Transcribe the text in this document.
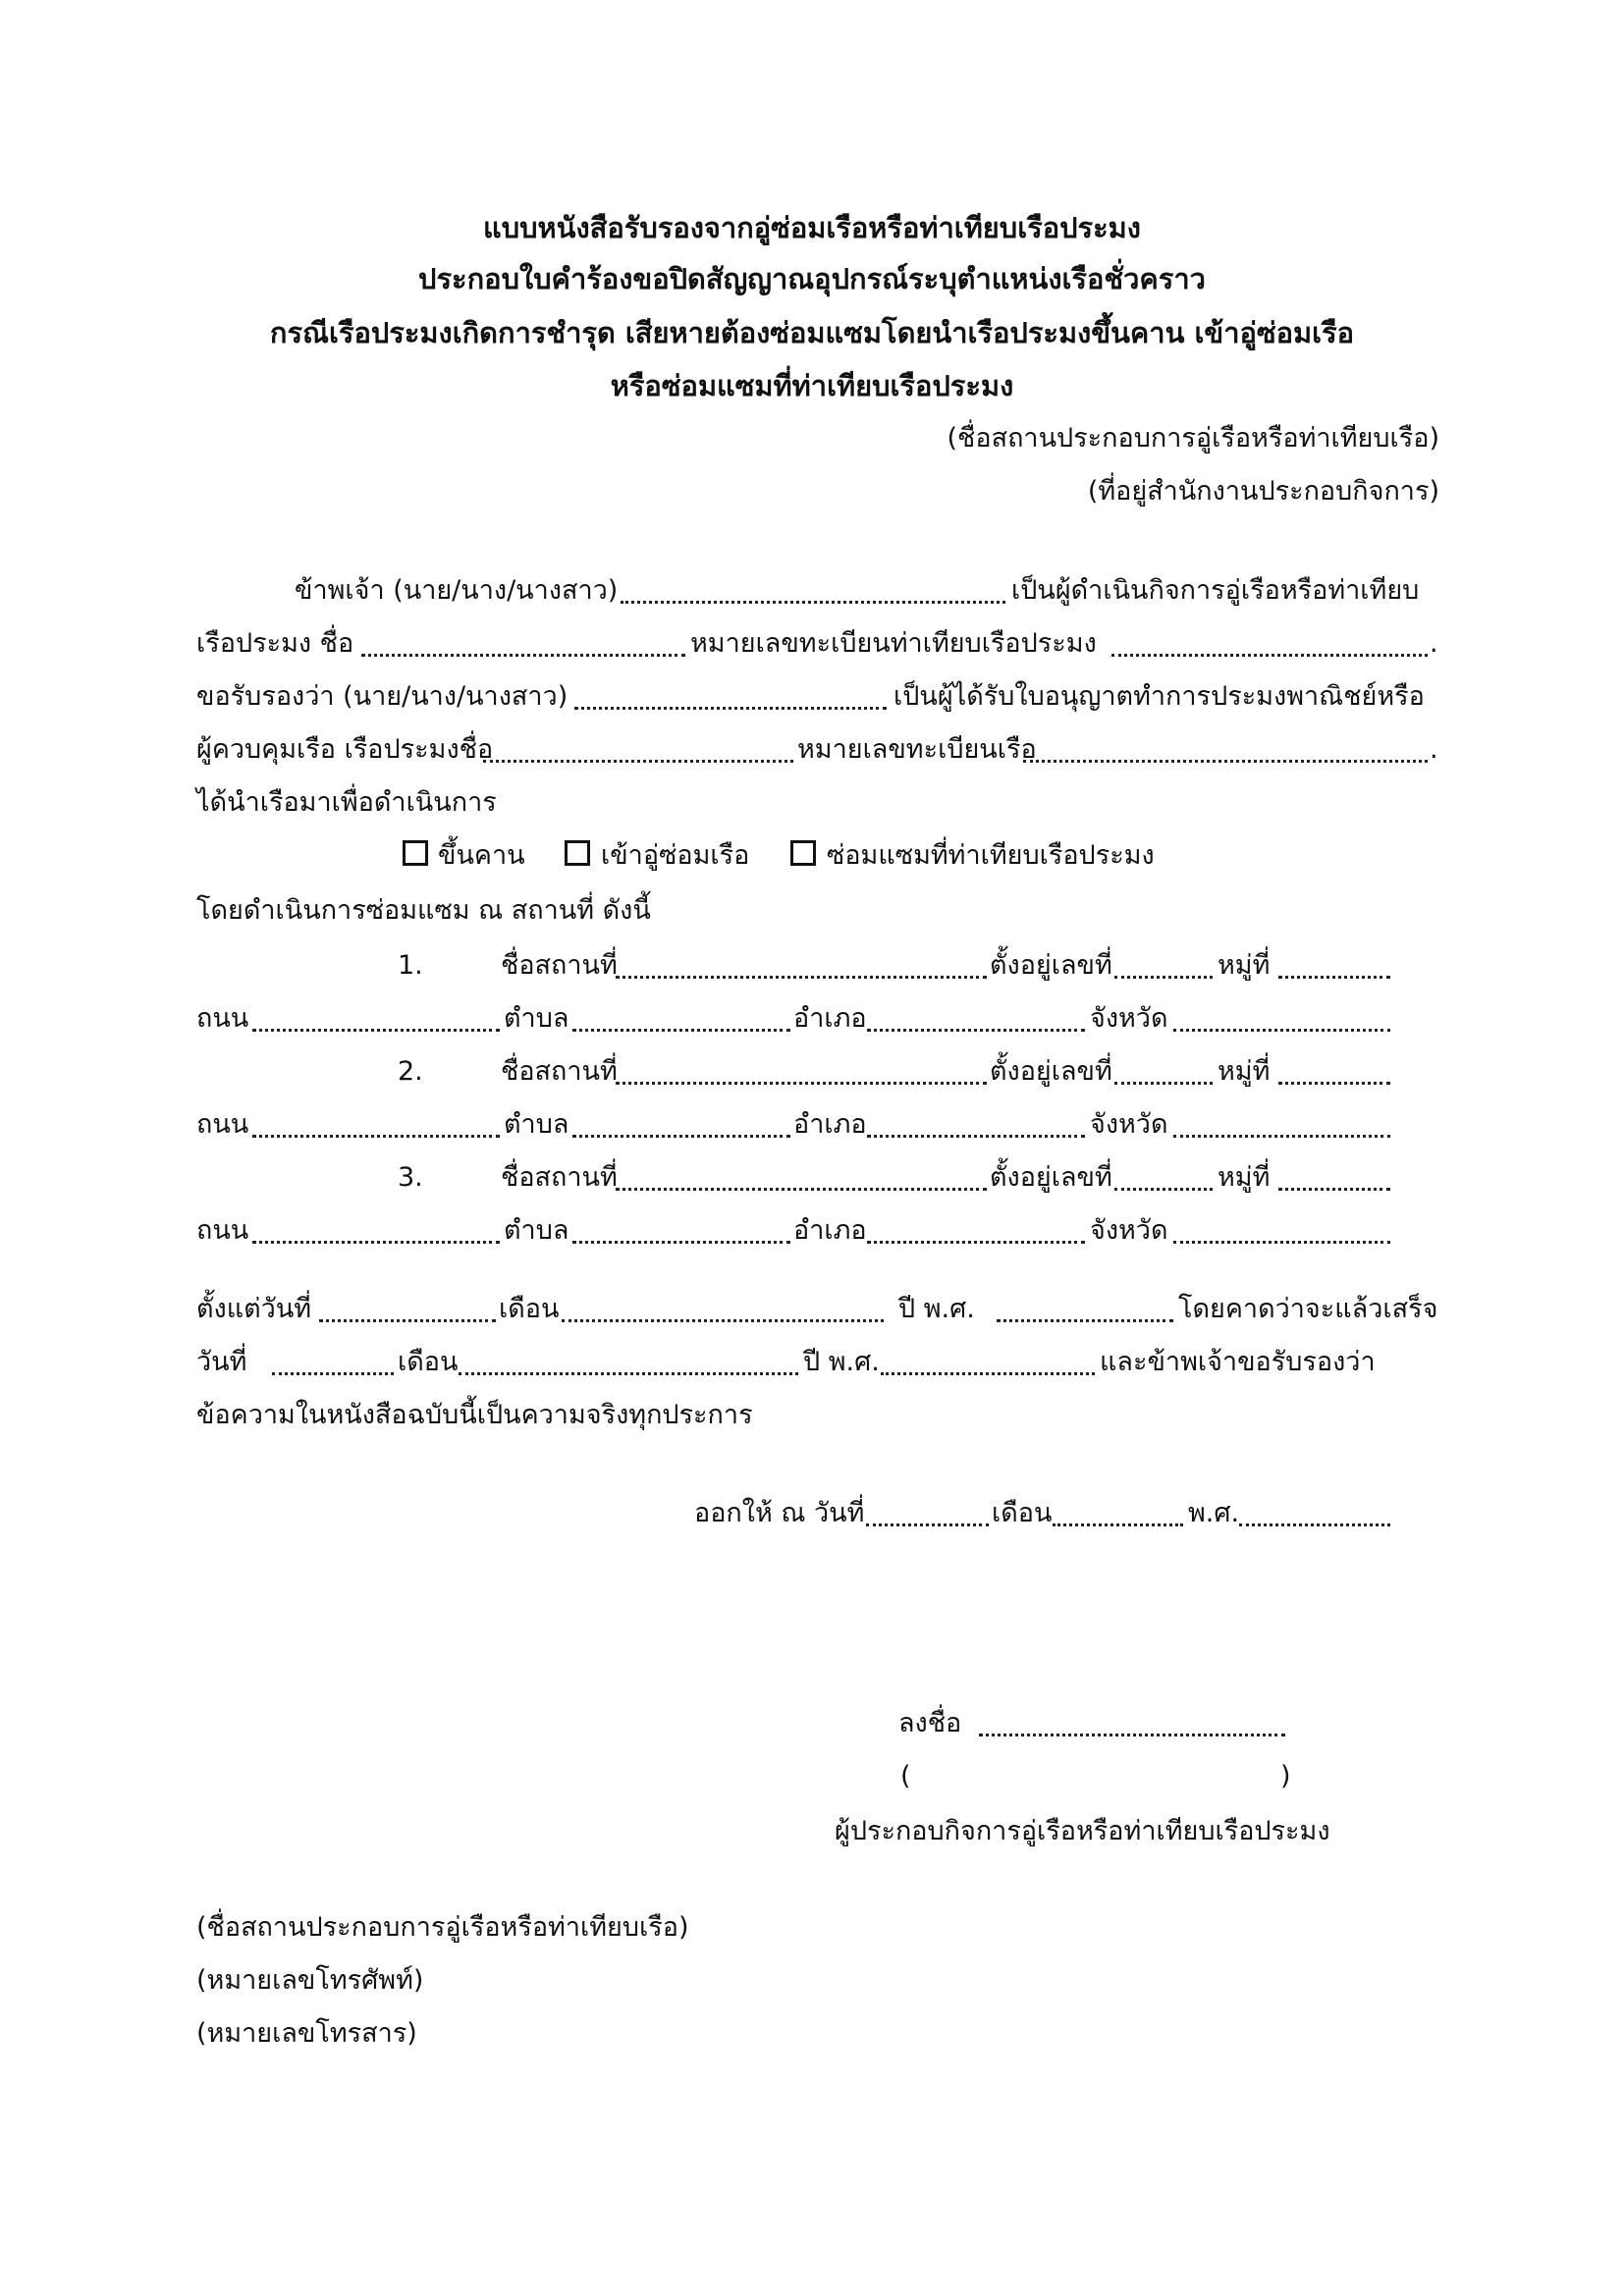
แบบหนังสือรับรองจากอู่ซ่อมเรือหรือท่าเทียบเรือประมง
ประกอบใบคำร้องขอปิดสัญญาณอุปกรณ์ระบุตำแหน่งเรือชั่วคราว
กรณีเรือประมงเกิดการชำรุด เสียหายต้องซ่อมแซมโดยนำเรือประมงขึ้นคาน เข้าอู่ซ่อมเรือ
หรือซ่อมแซมที่ท่าเทียบเรือประมง
(ชื่อสถานประกอบการอู่เรือหรือท่าเทียบเรือ)
(ที่อยู่สำนักงานประกอบกิจการ)
ข้าพเจ้า (นาย/นาง/นางสาว)	เป็นผู้ดำเนินกิจการอู่เรือหรือท่าเทียบ
เรือประมง ชื่อ	หมายเลขทะเบียนท่าเทียบเรือประมง	.
ขอรับรองว่า (นาย/นาง/นางสาว)	เป็นผู้ได้รับใบอนุญาตทำการประมงพาณิชย์หรือ
ผู้ควบคุมเรือ เรือประมงชื่อ	หมายเลขทะเบียนเรือ	.
ได้นำเรือมาเพื่อดำเนินการ
ขึ้นคาน	เข้าอู่ซ่อมเรือ	ซ่อมแซมที่ท่าเทียบเรือประมง
โดยดำเนินการซ่อมแซม ณ สถานที่ ดังนี้
1.	ชื่อสถานที่	ตั้งอยู่เลขที่	หมู่ที่
ถนน	ตำบล	อำเภอ	จังหวัด
2.	ชื่อสถานที่	ตั้งอยู่เลขที่	หมู่ที่
ถนน	ตำบล	อำเภอ	จังหวัด
3.	ชื่อสถานที่	ตั้งอยู่เลขที่	หมู่ที่
ถนน	ตำบล	อำเภอ	จังหวัด
ตั้งแต่วันที่	เดือน	ปี พ.ศ.	โดยคาดว่าจะแล้วเสร็จ
วันที่	เดือน	ปี พ.ศ.	และข้าพเจ้าขอรับรองว่า
ข้อความในหนังสือฉบับนี้เป็นความจริงทุกประการ
ออกให้ ณ วันที่	เดือน	พ.ศ.
ลงชื่อ
(	)
ผู้ประกอบกิจการอู่เรือหรือท่าเทียบเรือประมง
(ชื่อสถานประกอบการอู่เรือหรือท่าเทียบเรือ)
(หมายเลขโทรศัพท์)
(หมายเลขโทรสาร)
